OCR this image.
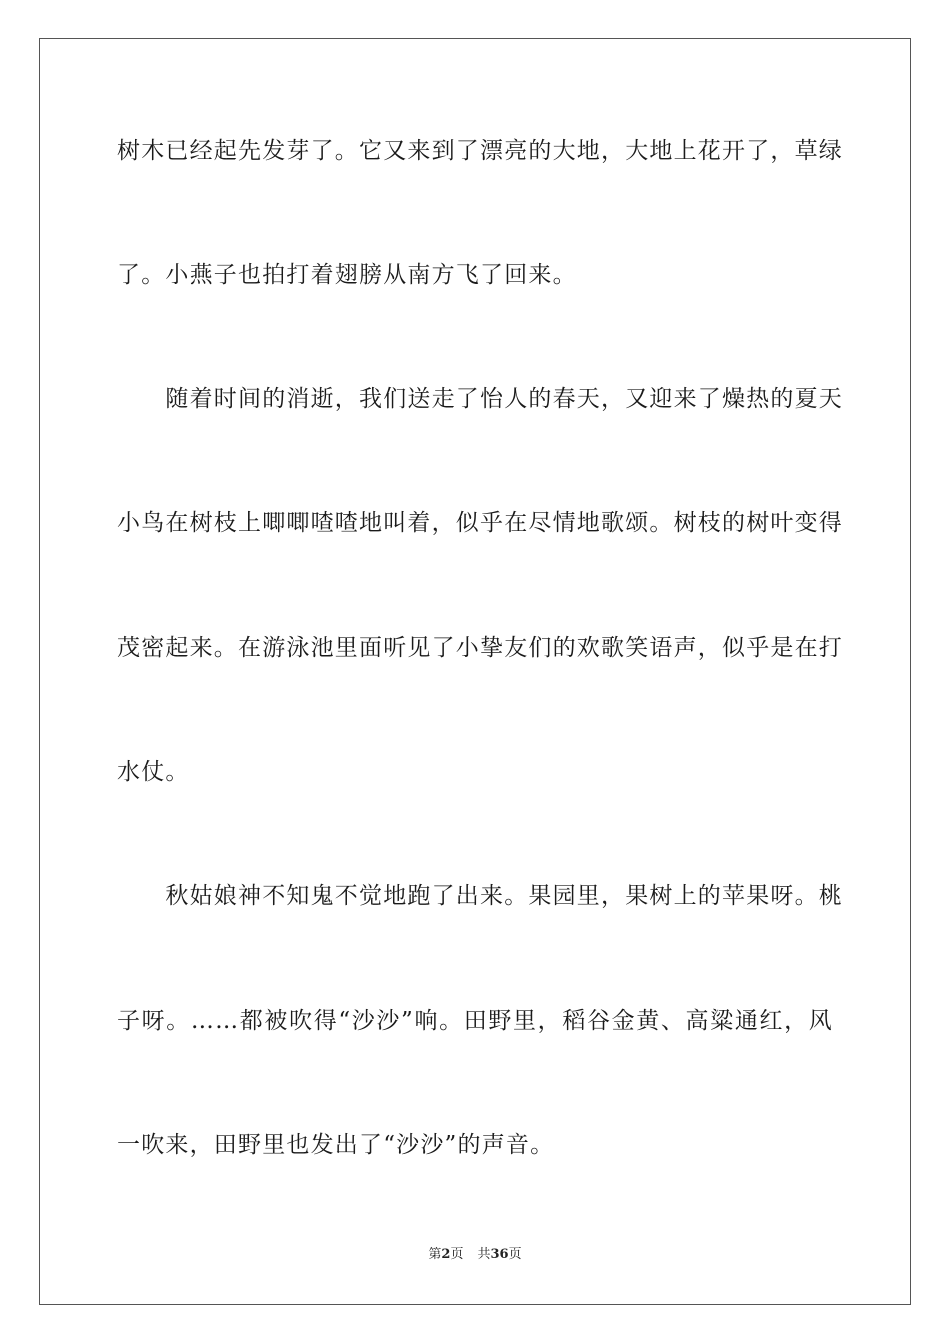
树木已经起先发芽了。它又来到了漂亮的大地，大地上花开了，草绿
了。小燕子也拍打着翅膀从南方飞了回来。
　　随着时间的消逝，我们送走了怡人的春天，又迎来了燥热的夏天
小鸟在树枝上唧唧喳喳地叫着，似乎在尽情地歌颂。树枝的树叶变得
茂密起来。在游泳池里面听见了小挚友们的欢歌笑语声，似乎是在打
水仗。
　　秋姑娘神不知鬼不觉地跑了出来。果园里，果树上的苹果呀。桃
子呀。……都被吹得“沙沙”响。田野里，稻谷金黄、高粱通红，风
一吹来，田野里也发出了“沙沙”的声音。
第2页 共36页
